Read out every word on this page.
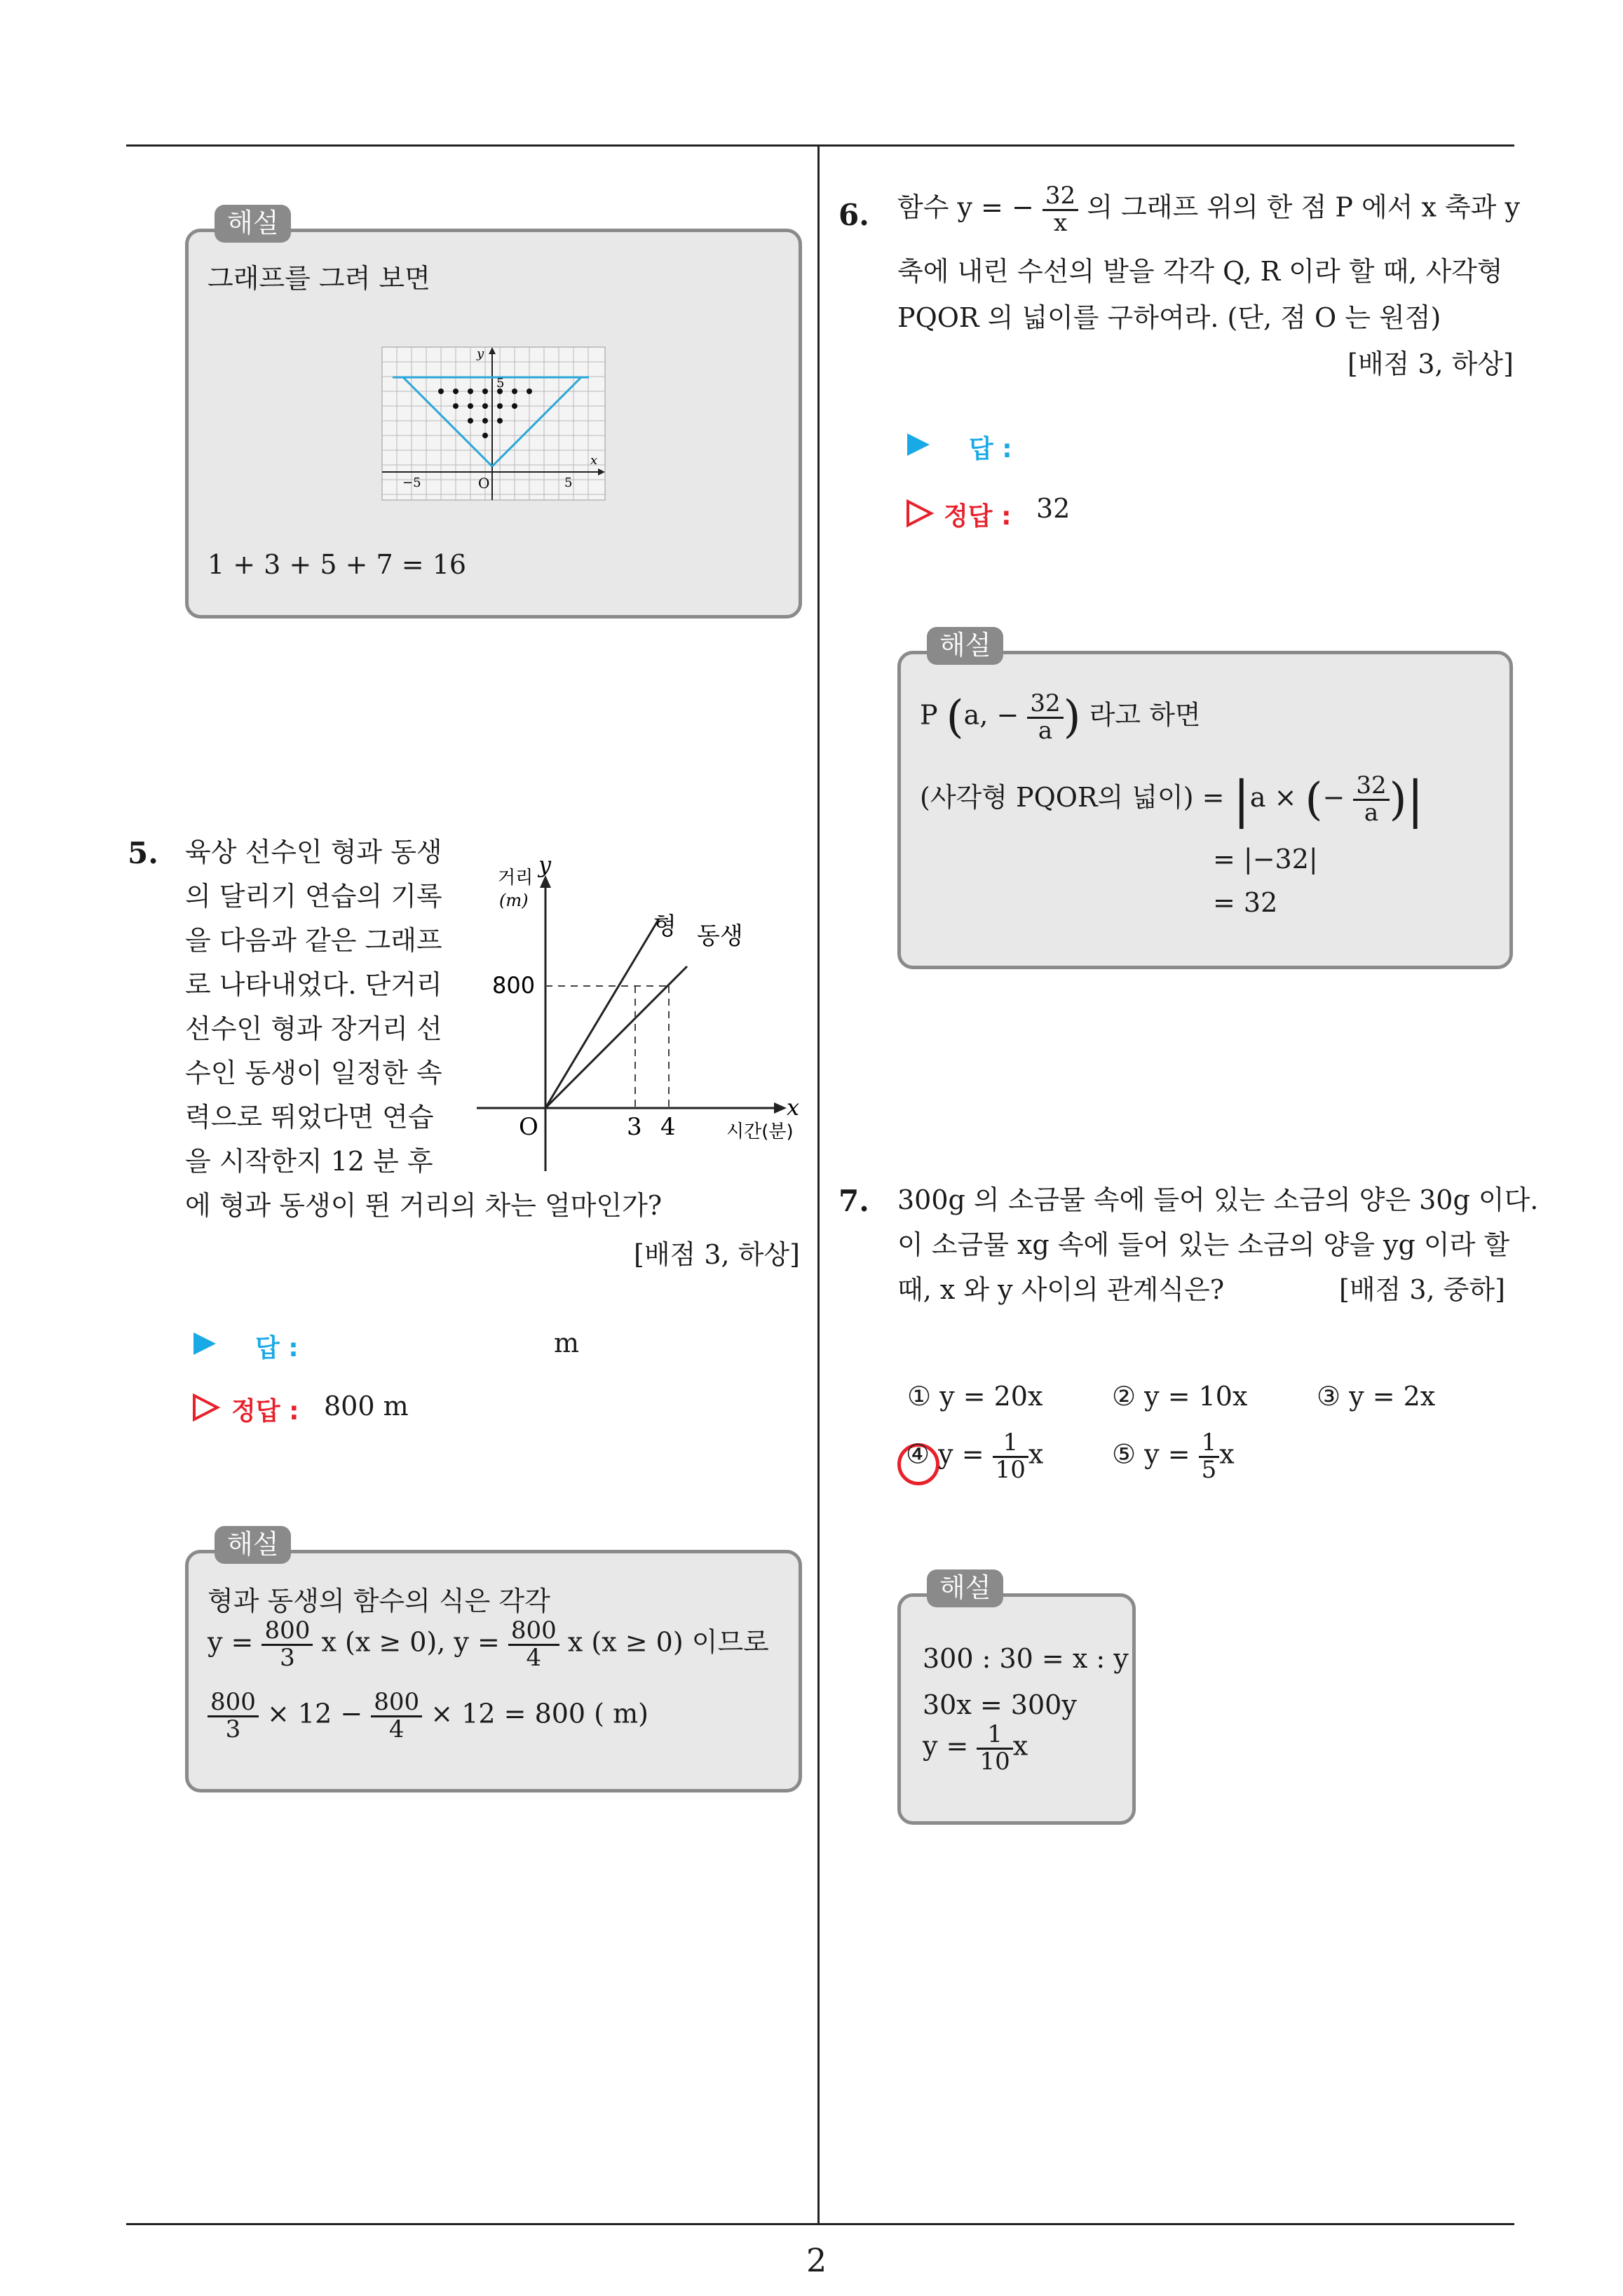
2
해설
그래프를 그려 보면
y
5
x
−5	O	5
1 + 3 + 5 + 7 = 16
5. 육상 선수인 형과 동생
의 달리기 연습의 기록
을 다음과 같은 그래프
로 나타내었다. 단거리
선수인 형과 장거리 선
수인 동생이 일정한 속
력으로 뛰었다면 연습
을 시작한지 12 분 후
에 형과 동생이 뛴 거리의 차는 얼마인가?
[배점 3, 하상]
y
거리
(m)
800
형 동생
O	3 4
x
시간(분)
답 :	m
정답 : 800 m
해설
형과 동생의 함수의 식은 각각
$y = \frac{800}{3}$ x (x ≥ 0), $y = \frac{800}{4}$ x (x ≥ 0) 이므로
$\frac{800}{3} \times 12 - \frac{800}{4} \times 12 = 800$ ( m)
6. 함수 y = − $\frac{32}{x}$ 의 그래프 위의 한 점 P 에서 x 축과 y
축에 내린 수선의 발을 각각 Q, R 이라 할 때, 사각형
PQOR 의 넓이를 구하여라. (단, 점 O 는 원점)
[배점 3, 하상]
답 :
정답 : 32
해설
P (a, − $\frac{32}{a}$ ) 라고 하면
(사각형 PQOR의 넓이) = |a × (− $\frac{32}{a}$ )|
= |−32|
= 32
7. 300g 의 소금물 속에 들어 있는 소금의 양은 30g 이다.
이 소금물 xg 속에 들어 있는 소금의 양을 yg 이라 할
때, x 와 y 사이의 관계식은?	[배점 3, 중하]
① y = 20x	② y = 10x	③ y = 2x
④ $y = \frac{1}{10}$ x	⑤ $y = \frac{1}{5}$ x
해설
300 : 30 = x : y
30x = 300y
$y = \frac{1}{10}$ x
